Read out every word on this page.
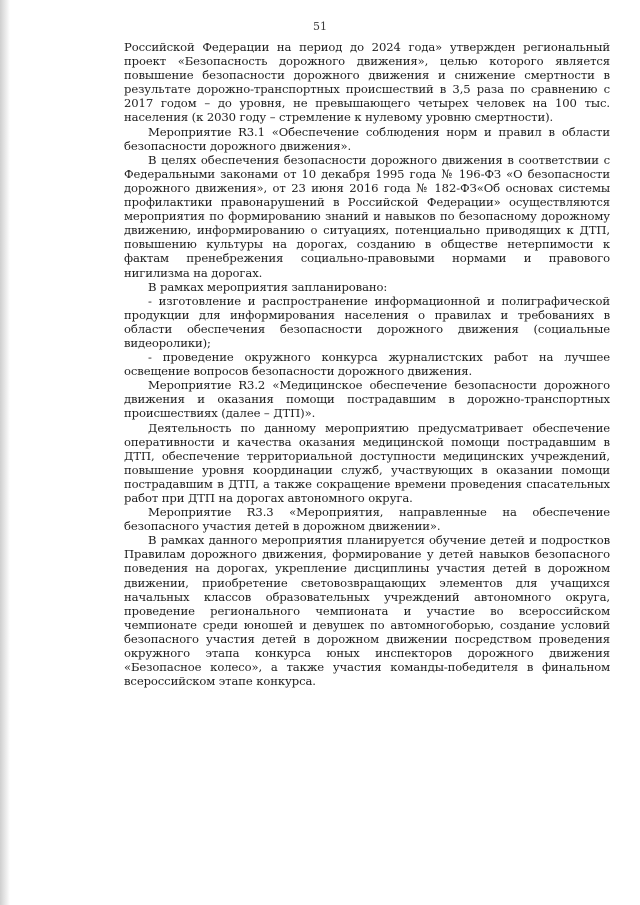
51

Российской Федерации на период до 2024 года» утвержден региональный проект «Безопасность дорожного движения», целью которого является повышение безопасности дорожного движения и снижение смертности в результате дорожно-транспортных происшествий в 3,5 раза по сравнению с 2017 годом – до уровня, не превышающего четырех человек на 100 тыс. населения (к 2030 году – стремление к нулевому уровню смертности).

Мероприятие R3.1 «Обеспечение соблюдения норм и правил в области безопасности дорожного движения».

В целях обеспечения безопасности дорожного движения в соответствии с Федеральными законами от 10 декабря 1995 года № 196-ФЗ «О безопасности дорожного движения», от 23 июня 2016 года № 182-ФЗ«Об основах системы профилактики правонарушений в Российской Федерации» осуществляются мероприятия по формированию знаний и навыков по безопасному дорожному движению, информированию о ситуациях, потенциально приводящих к ДТП, повышению культуры на дорогах, созданию в обществе нетерпимости к фактам пренебрежения социально-правовыми нормами и правового нигилизма на дорогах.

В рамках мероприятия запланировано:

- изготовление и распространение информационной и полиграфической продукции для информирования населения о правилах и требованиях в области обеспечения безопасности дорожного движения (социальные видеоролики);

- проведение окружного конкурса журналистских работ на лучшее освещение вопросов безопасности дорожного движения.

Мероприятие R3.2 «Медицинское обеспечение безопасности дорожного движения и оказания помощи пострадавшим в дорожно-транспортных происшествиях (далее – ДТП)».

Деятельность по данному мероприятию предусматривает обеспечение оперативности и качества оказания медицинской помощи пострадавшим в ДТП, обеспечение территориальной доступности медицинских учреждений, повышение уровня координации служб, участвующих в оказании помощи пострадавшим в ДТП, а также сокращение времени проведения спасательных работ при ДТП на дорогах автономного округа.

Мероприятие R3.3 «Мероприятия, направленные на обеспечение безопасного участия детей в дорожном движении».

В рамках данного мероприятия планируется обучение детей и подростков Правилам дорожного движения, формирование у детей навыков безопасного поведения на дорогах, укрепление дисциплины участия детей в дорожном движении, приобретение световозвращающих элементов для учащихся начальных классов образовательных учреждений автономного округа, проведение регионального чемпионата и участие во всероссийском чемпионате среди юношей и девушек по автомногоборью, создание условий безопасного участия детей в дорожном движении посредством проведения окружного этапа конкурса юных инспекторов дорожного движения «Безопасное колесо», а также участия команды-победителя в финальном всероссийском этапе конкурса.
